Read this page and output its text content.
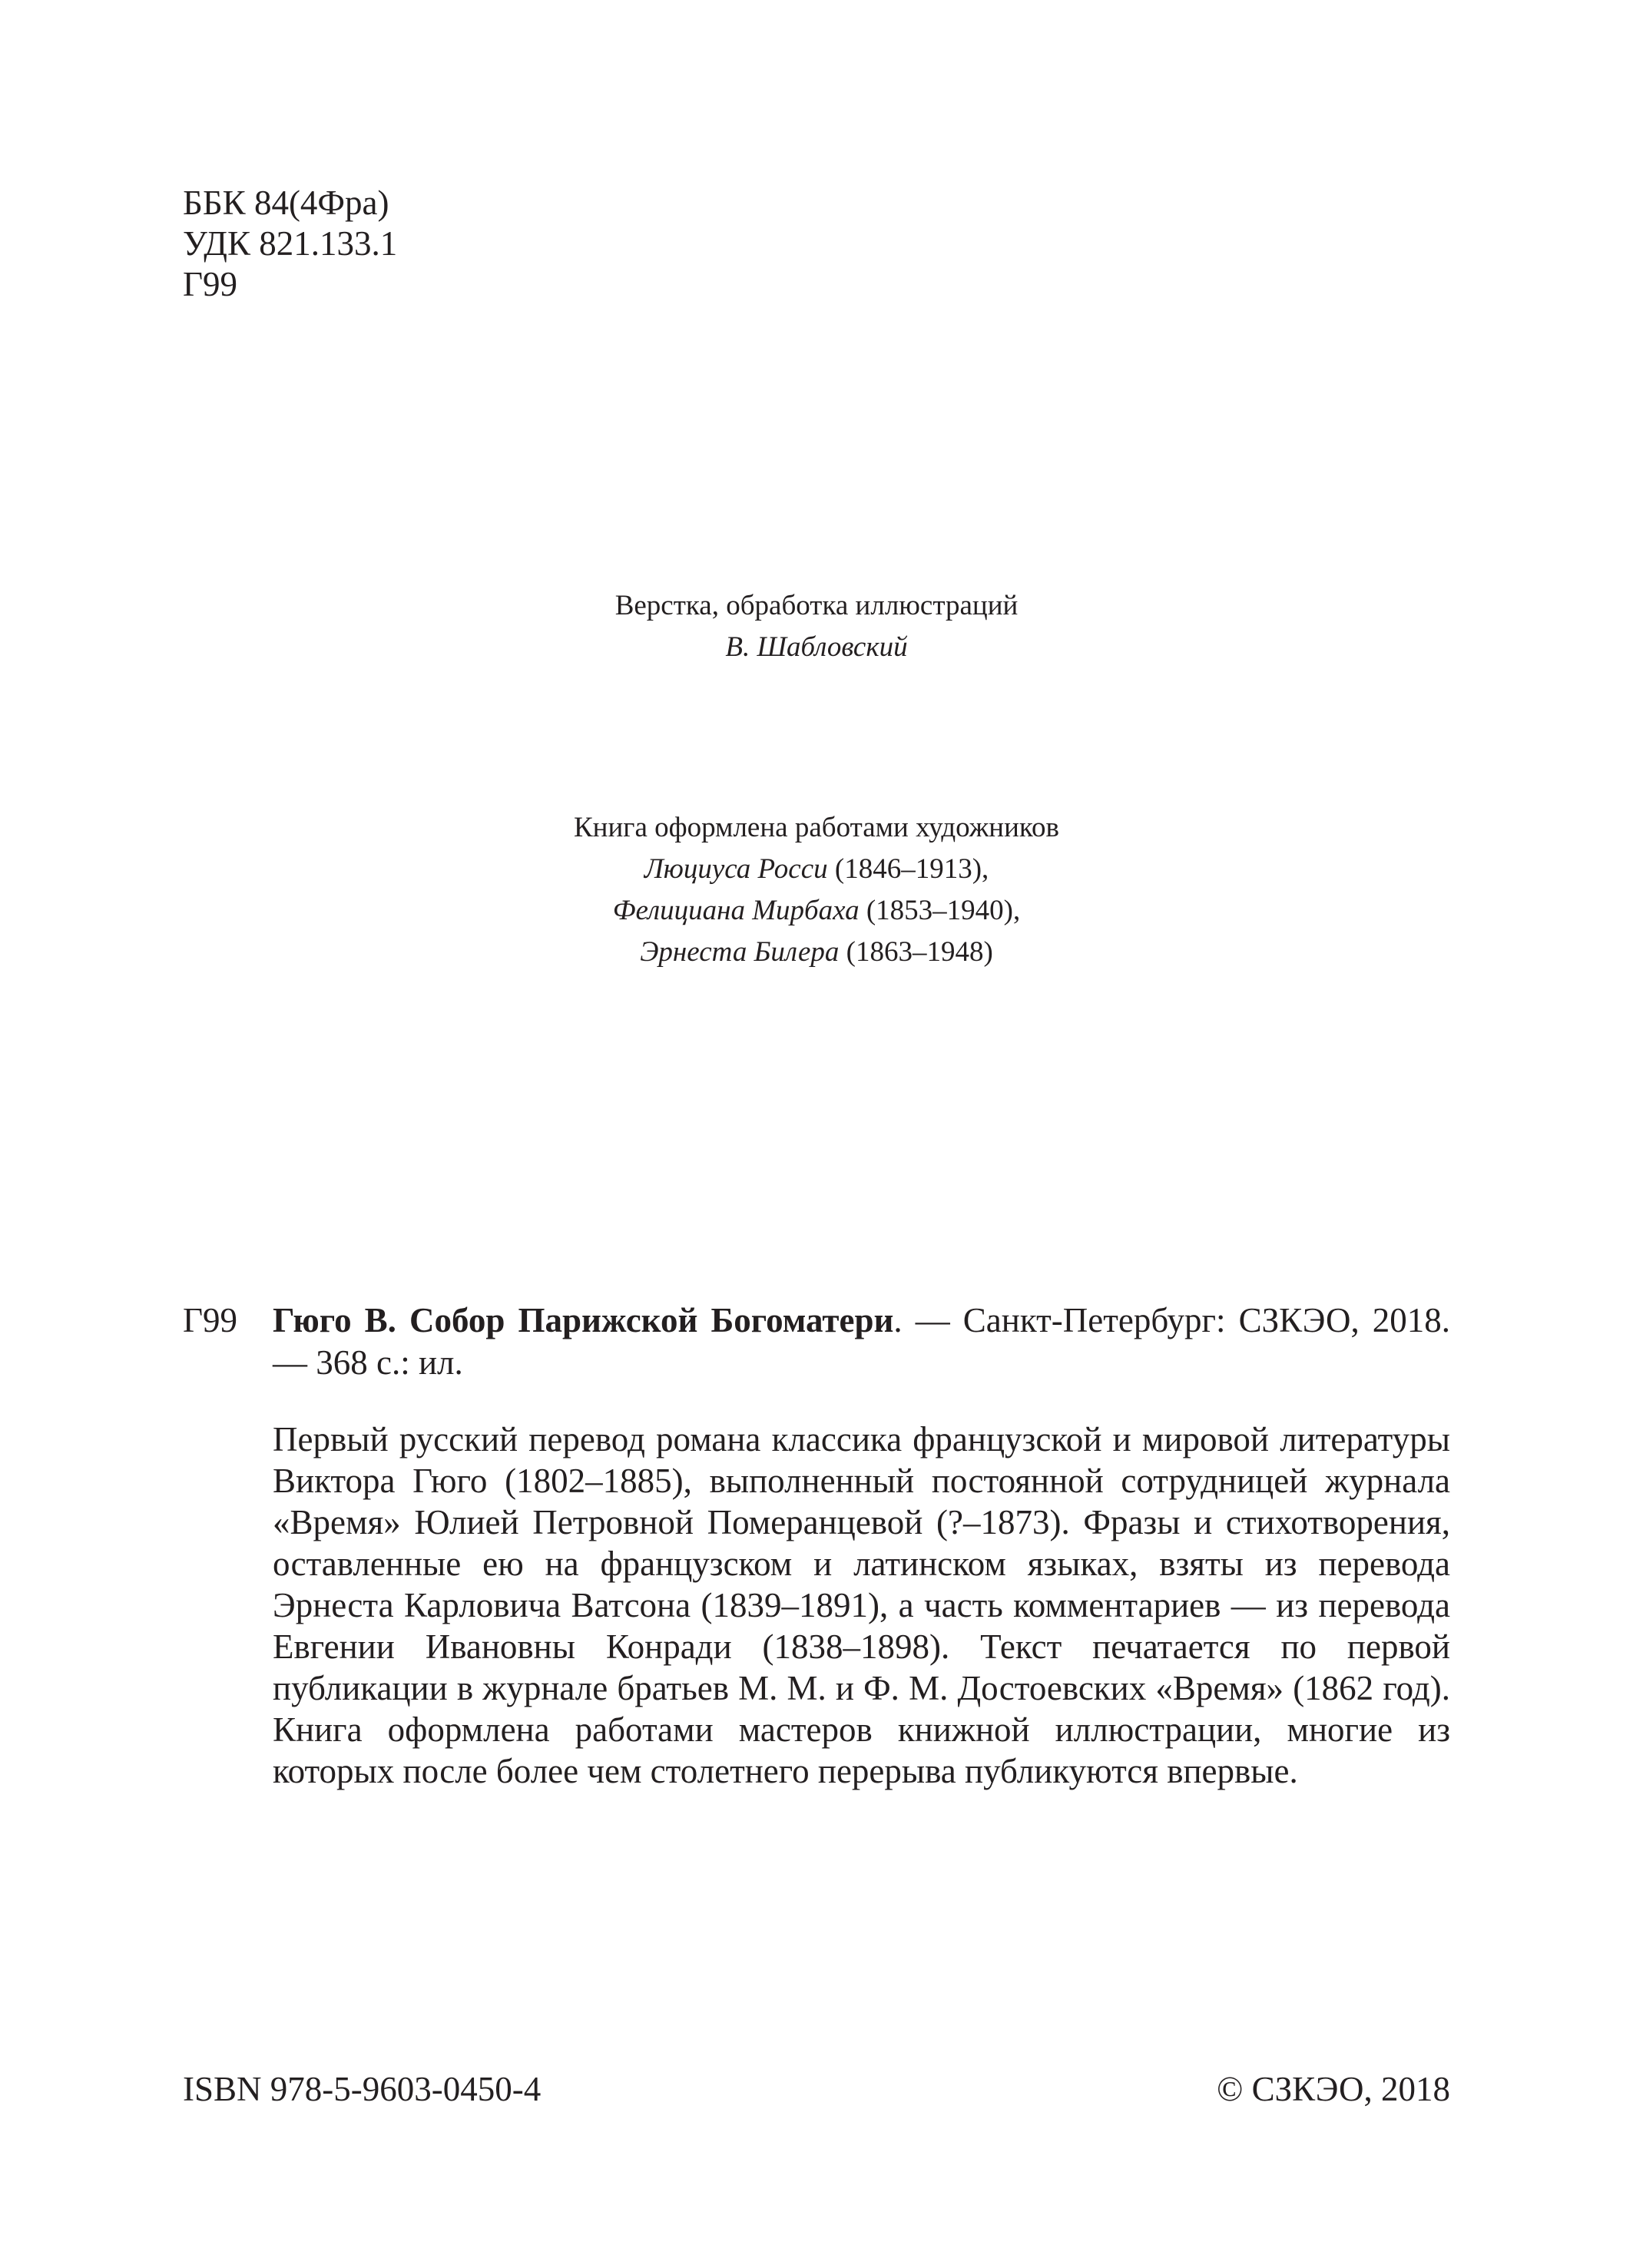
ББК 84(4Фра)
УДК 821.133.1
Г99
Верстка, обработка иллюстраций
В. Шабловский
Книга оформлена работами художников
Люциуса Росси (1846–1913),
Фелициана Мирбаха (1853–1940),
Эрнеста Билера (1863–1948)
Г99 Гюго В. Собор Парижской Богоматери. — Санкт-Петербург: СЗКЭО, 2018. — 368 с.: ил.
Первый русский перевод романа классика французской и мировой литературы Виктора Гюго (1802–1885), выполненный постоянной сотрудницей журнала «Время» Юлией Петровной Померанцевой (?–1873). Фразы и стихотворения, оставленные ею на французском и латинском языках, взяты из перевода Эрнеста Карловича Ватсона (1839–1891), а часть комментариев — из перевода Евгении Ивановны Конради (1838–1898). Текст печатается по первой публикации в журнале братьев М. М. и Ф. М. Достоевских «Время» (1862 год). Книга оформлена работами мастеров книжной иллюстрации, многие из которых после более чем столетнего перерыва публикуются впервые.
ISBN 978-5-9603-0450-4	© СЗКЭО, 2018
